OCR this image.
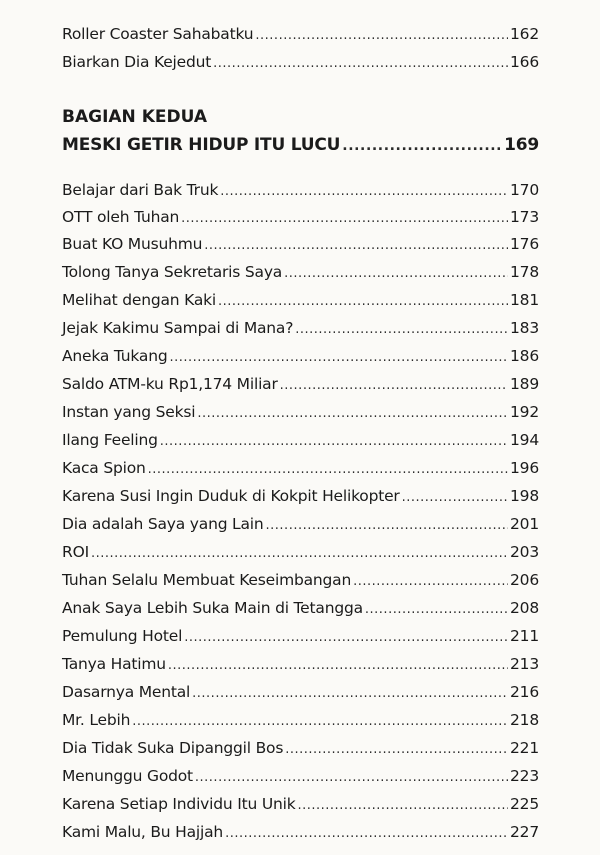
Roller Coaster Sahabatku .....	162
Biarkan Dia Kejedut .....	166
BAGIAN KEDUA
MESKI GETIR HIDUP ITU LUCU .....	169
Belajar dari Bak Truk .....	170
OTT oleh Tuhan .....	173
Buat KO Musuhmu .....	176
Tolong Tanya Sekretaris Saya .....	178
Melihat dengan Kaki .....	181
Jejak Kakimu Sampai di Mana? .....	183
Aneka Tukang .....	186
Saldo ATM-ku Rp1,174 Miliar .....	189
Instan yang Seksi .....	192
Ilang Feeling .....	194
Kaca Spion .....	196
Karena Susi Ingin Duduk di Kokpit Helikopter .....	198
Dia adalah Saya yang Lain .....	201
ROI .....	203
Tuhan Selalu Membuat Keseimbangan .....	206
Anak Saya Lebih Suka Main di Tetangga .....	208
Pemulung Hotel .....	211
Tanya Hatimu .....	213
Dasarnya Mental .....	216
Mr. Lebih .....	218
Dia Tidak Suka Dipanggil Bos .....	221
Menunggu Godot .....	223
Karena Setiap Individu Itu Unik .....	225
Kami Malu, Bu Hajjah .....	227
